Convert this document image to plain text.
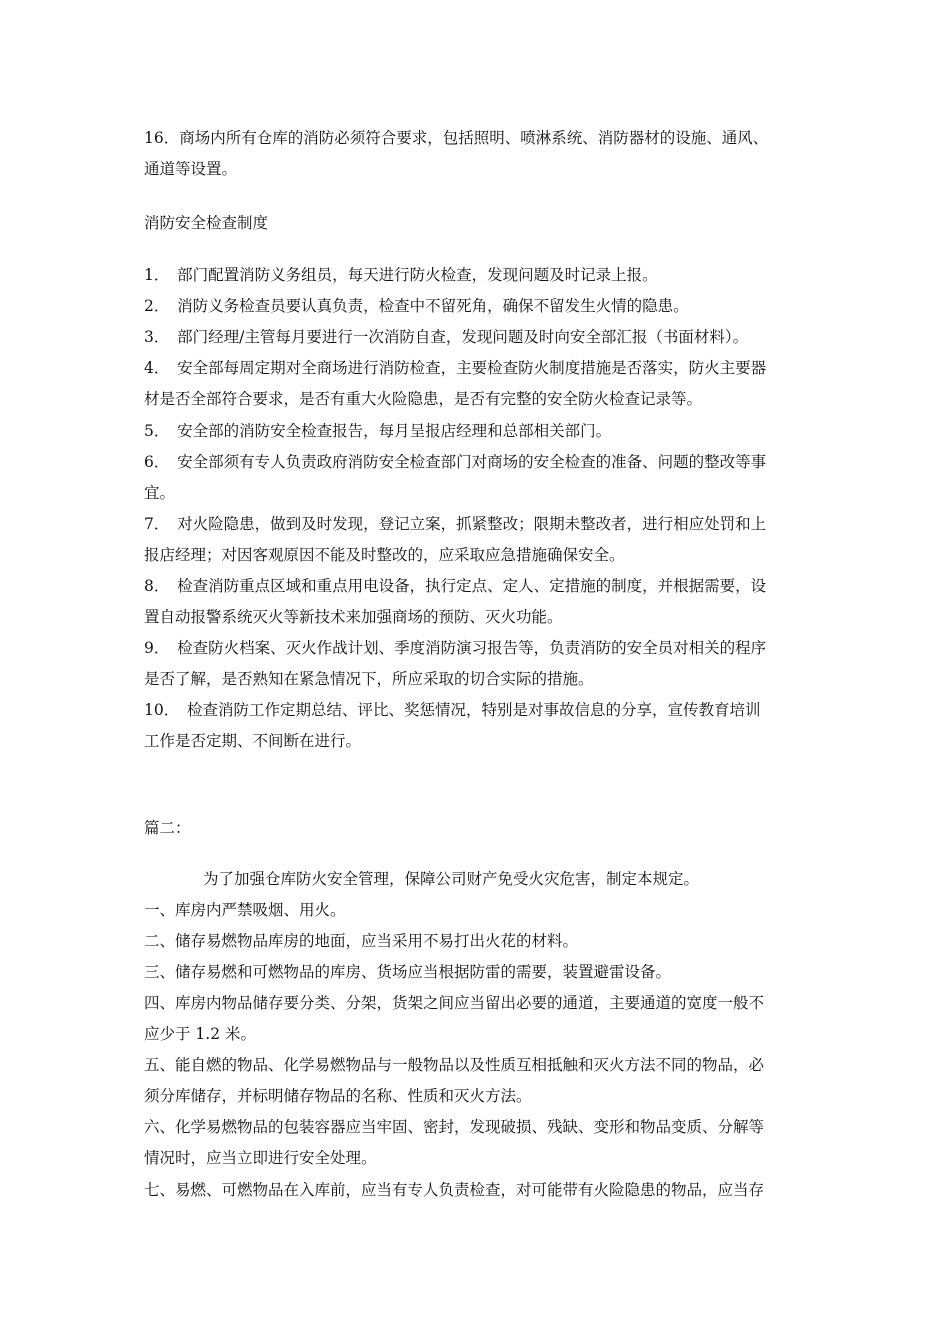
16．商场内所有仓库的消防必须符合要求，包括照明、喷淋系统、消防器材的设施、通风、
通道等设置。
消防安全检查制度
1．　部门配置消防义务组员，每天进行防火检查，发现问题及时记录上报。
2．　消防义务检查员要认真负责，检查中不留死角，确保不留发生火情的隐患。
3．　部门经理/主管每月要进行一次消防自查，发现问题及时向安全部汇报（书面材料）。
4．　安全部每周定期对全商场进行消防检查，主要检查防火制度措施是否落实，防火主要器
材是否全部符合要求，是否有重大火险隐患，是否有完整的安全防火检查记录等。
5．　安全部的消防安全检查报告，每月呈报店经理和总部相关部门。
6．　安全部须有专人负责政府消防安全检查部门对商场的安全检查的准备、问题的整改等事
宜。
7．　对火险隐患，做到及时发现，登记立案，抓紧整改；限期未整改者，进行相应处罚和上
报店经理；对因客观原因不能及时整改的，应采取应急措施确保安全。
8．　检查消防重点区域和重点用电设备，执行定点、定人、定措施的制度，并根据需要，设
置自动报警系统灭火等新技术来加强商场的预防、灭火功能。
9．　检查防火档案、灭火作战计划、季度消防演习报告等，负责消防的安全员对相关的程序
是否了解，是否熟知在紧急情况下，所应采取的切合实际的措施。
10．　检查消防工作定期总结、评比、奖惩情况，特别是对事故信息的分享，宣传教育培训
工作是否定期、不间断在进行。
篇二：
为了加强仓库防火安全管理，保障公司财产免受火灾危害，制定本规定。
一、库房内严禁吸烟、用火。
二、储存易燃物品库房的地面，应当采用不易打出火花的材料。
三、储存易燃和可燃物品的库房、货场应当根据防雷的需要，装置避雷设备。
四、库房内物品储存要分类、分架，货架之间应当留出必要的通道，主要通道的宽度一般不
应少于 1.2 米。
五、能自燃的物品、化学易燃物品与一般物品以及性质互相抵触和灭火方法不同的物品，必
须分库储存，并标明储存物品的名称、性质和灭火方法。
六、化学易燃物品的包装容器应当牢固、密封，发现破损、残缺、变形和物品变质、分解等
情况时，应当立即进行安全处理。
七、易燃、可燃物品在入库前，应当有专人负责检查，对可能带有火险隐患的物品，应当存
